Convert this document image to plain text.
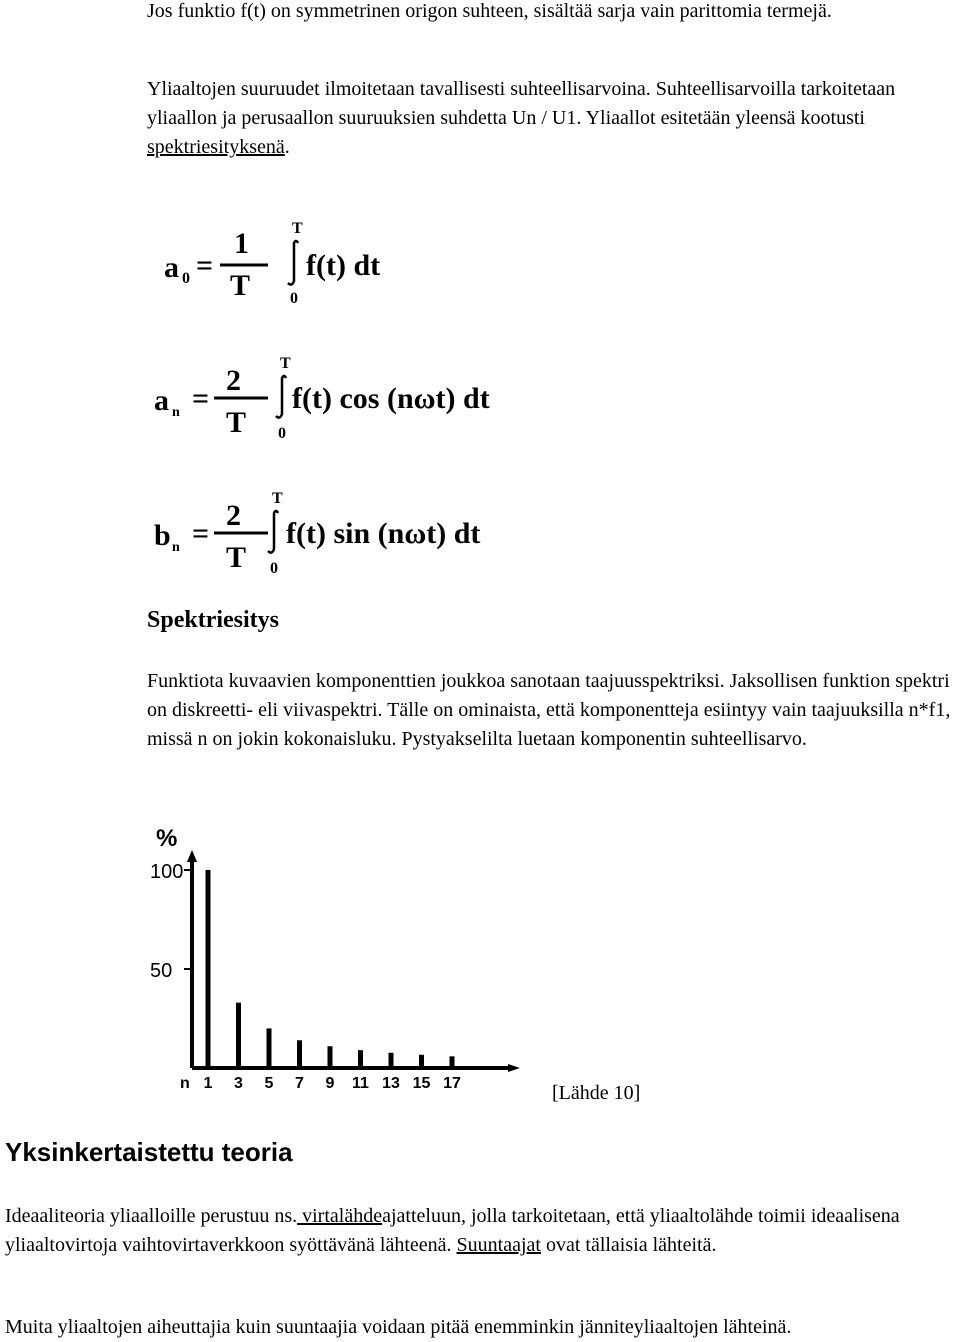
Jos funktio f(t) on symmetrinen origon suhteen, sisältää sarja vain parittomia termejä.

Yliaaltojen suuruudet ilmoitetaan tavallisesti suhteellisarvoina. Suhteellisarvoilla tarkoitetaan yliaallon ja perusaallon suuruuksien suhdetta Un / U1. Yliaallot esitetään yleensä kootusti spektriesityksenä.

a 0 =
1
T
T
0
f(t) dt
a n =
2
T
T
0
f(t) cos (nωt) dt
b n =
2
T
T
0
f(t) sin (nωt) dt
Spektriesitys

Funktiota kuvaavien komponenttien joukkoa sanotaan taajuusspektriksi. Jaksollisen funktion spektri on diskreetti- eli viivaspektri. Tälle on ominaista, että komponentteja esiintyy vain taajuuksilla n*f1, missä n on jokin kokonaisluku. Pystyakselilta luetaan komponentin suhteellisarvo.

%
100
50
n 1 3 5 7 9 11 13 15 17	[Lähde 10]
Yksinkertaistettu teoria

Ideaaliteoria yliaalloille perustuu ns. virtalähdeajatteluun, jolla tarkoitetaan, että yliaaltolähde toimii ideaalisena yliaaltovirtoja vaihtovirtaverkkoon syöttävänä lähteenä. Suuntaajat ovat tällaisia lähteitä.

Muita yliaaltojen aiheuttajia kuin suuntaajia voidaan pitää enemminkin jänniteyliaaltojen lähteinä.
